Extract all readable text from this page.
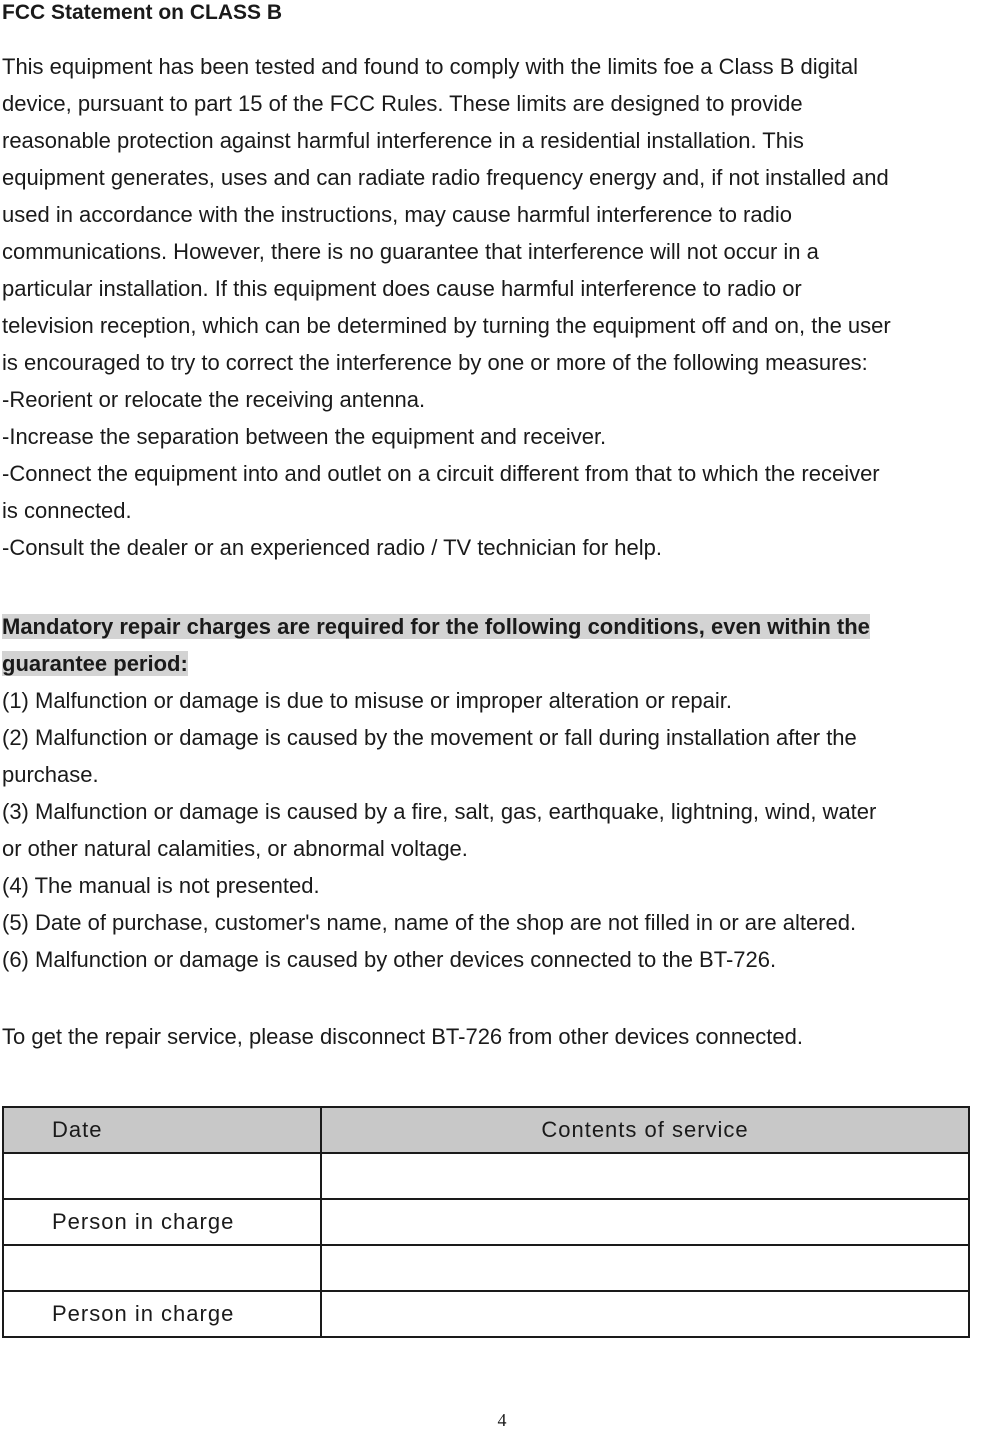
FCC Statement on CLASS B
This equipment has been tested and found to comply with the limits foe a Class B digital
device, pursuant to part 15 of the FCC Rules. These limits are designed to provide
reasonable protection against harmful interference in a residential installation. This
equipment generates, uses and can radiate radio frequency energy and, if not installed and
used in accordance with the instructions, may cause harmful interference to radio
communications. However, there is no guarantee that interference will not occur in a
particular installation. If this equipment does cause harmful interference to radio or
television reception, which can be determined by turning the equipment off and on, the user
is encouraged to try to correct the interference by one or more of the following measures:
-Reorient or relocate the receiving antenna.
-Increase the separation between the equipment and receiver.
-Connect the equipment into and outlet on a circuit different from that to which the receiver
is connected.
-Consult the dealer or an experienced radio / TV technician for help.
Mandatory repair charges are required for the following conditions, even within the
guarantee period:
(1) Malfunction or damage is due to misuse or improper alteration or repair.
(2) Malfunction or damage is caused by the movement or fall during installation after the
purchase.
(3) Malfunction or damage is caused by a fire, salt, gas, earthquake, lightning, wind, water
or other natural calamities, or abnormal voltage.
(4) The manual is not presented.
(5) Date of purchase, customer's name, name of the shop are not filled in or are altered.
(6) Malfunction or damage is caused by other devices connected to the BT-726.
To get the repair service, please disconnect BT-726 from other devices connected.
Date	Contents of service

Person in charge	

Person in charge	
4
